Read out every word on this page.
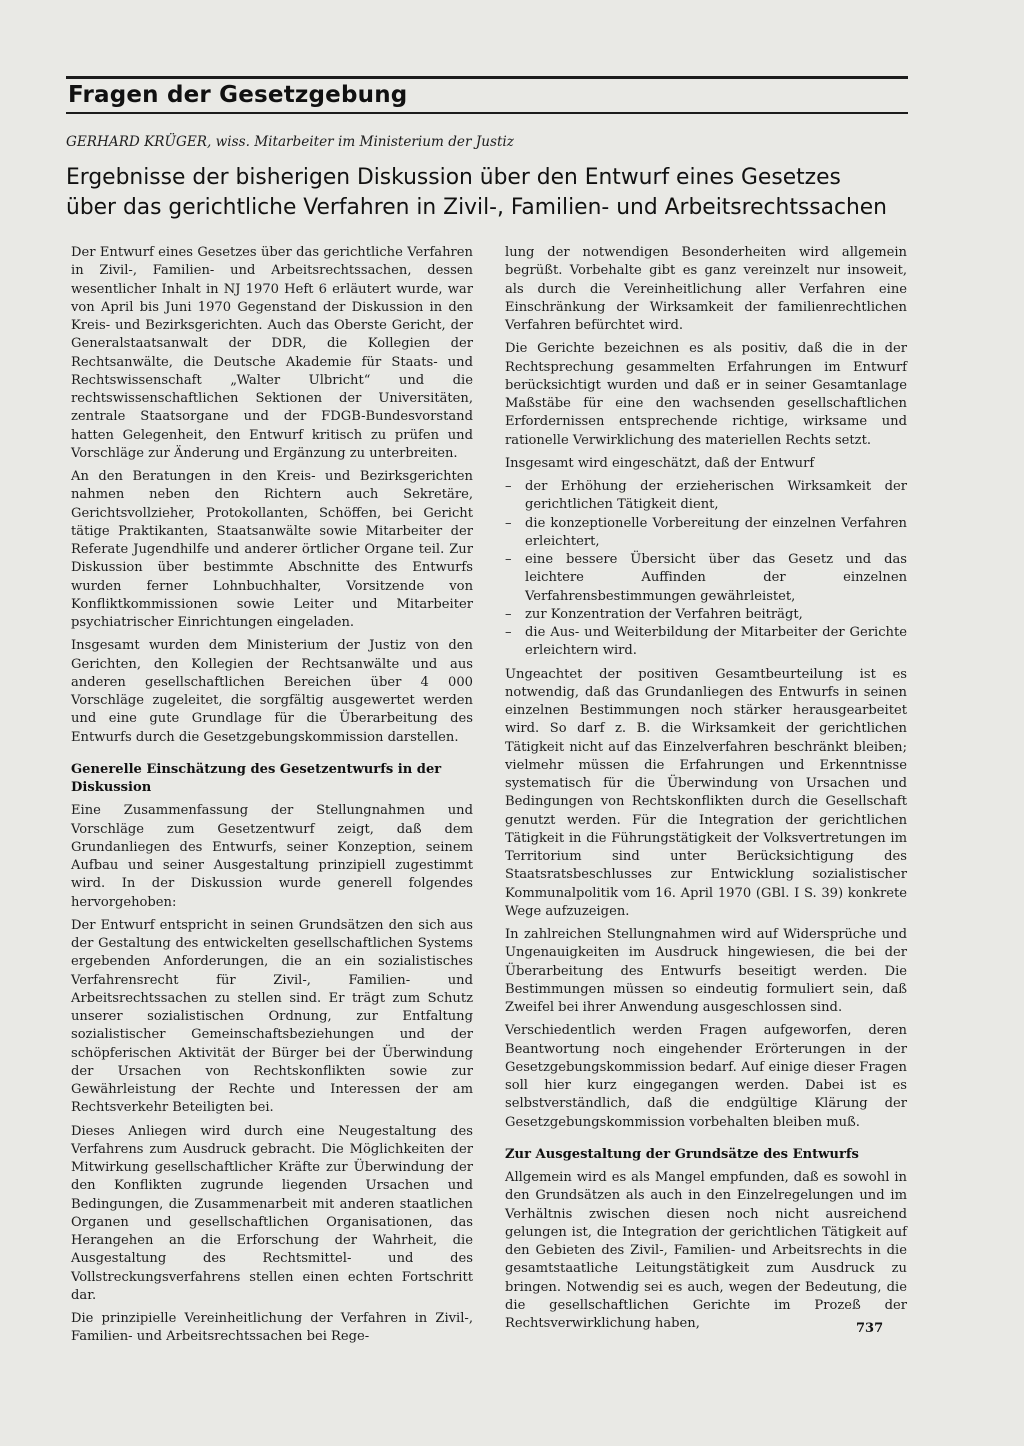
Fragen der Gesetzgebung
GERHARD KRÜGER, wiss. Mitarbeiter im Ministerium der Justiz
Ergebnisse der bisherigen Diskussion über den Entwurf eines Gesetzes
über das gerichtliche Verfahren in Zivil-, Familien- und Arbeitsrechtssachen

Der Entwurf eines Gesetzes über das gerichtliche Verfahren in Zivil-, Familien- und Arbeitsrechtssachen, dessen wesentlicher Inhalt in NJ 1970 Heft 6 erläutert wurde, war von April bis Juni 1970 Gegenstand der Diskussion in den Kreis- und Bezirksgerichten. Auch das Oberste Gericht, der Generalstaatsanwalt der DDR, die Kollegien der Rechtsanwälte, die Deutsche Akademie für Staats- und Rechtswissenschaft „Walter Ulbricht“ und die rechtswissenschaftlichen Sektionen der Universitäten, zentrale Staatsorgane und der FDGB-Bundesvorstand hatten Gelegenheit, den Entwurf kritisch zu prüfen und Vorschläge zur Änderung und Ergänzung zu unterbreiten.

An den Beratungen in den Kreis- und Bezirksgerichten nahmen neben den Richtern auch Sekretäre, Gerichtsvollzieher, Protokollanten, Schöffen, bei Gericht tätige Praktikanten, Staatsanwälte sowie Mitarbeiter der Referate Jugendhilfe und anderer örtlicher Organe teil. Zur Diskussion über bestimmte Abschnitte des Entwurfs wurden ferner Lohnbuchhalter, Vorsitzende von Konfliktkommissionen sowie Leiter und Mitarbeiter psychiatrischer Einrichtungen eingeladen.

Insgesamt wurden dem Ministerium der Justiz von den Gerichten, den Kollegien der Rechtsanwälte und aus anderen gesellschaftlichen Bereichen über 4 000 Vorschläge zugeleitet, die sorgfältig ausgewertet werden und eine gute Grundlage für die Überarbeitung des Entwurfs durch die Gesetzgebungskommission darstellen.

Generelle Einschätzung des Gesetzentwurfs in der Diskussion

Eine Zusammenfassung der Stellungnahmen und Vorschläge zum Gesetzentwurf zeigt, daß dem Grundanliegen des Entwurfs, seiner Konzeption, seinem Aufbau und seiner Ausgestaltung prinzipiell zugestimmt wird. In der Diskussion wurde generell folgendes hervorgehoben:

Der Entwurf entspricht in seinen Grundsätzen den sich aus der Gestaltung des entwickelten gesellschaftlichen Systems ergebenden Anforderungen, die an ein sozialistisches Verfahrensrecht für Zivil-, Familien- und Arbeitsrechtssachen zu stellen sind. Er trägt zum Schutz unserer sozialistischen Ordnung, zur Entfaltung sozialistischer Gemeinschaftsbeziehungen und der schöpferischen Aktivität der Bürger bei der Überwindung der Ursachen von Rechtskonflikten sowie zur Gewährleistung der Rechte und Interessen der am Rechtsverkehr Beteiligten bei.

Dieses Anliegen wird durch eine Neugestaltung des Verfahrens zum Ausdruck gebracht. Die Möglichkeiten der Mitwirkung gesellschaftlicher Kräfte zur Überwindung der den Konflikten zugrunde liegenden Ursachen und Bedingungen, die Zusammenarbeit mit anderen staatlichen Organen und gesellschaftlichen Organisationen, das Herangehen an die Erforschung der Wahrheit, die Ausgestaltung des Rechtsmittel- und des Vollstreckungsverfahrens stellen einen echten Fortschritt dar.

Die prinzipielle Vereinheitlichung der Verfahren in Zivil-, Familien- und Arbeitsrechtssachen bei Rege-

lung der notwendigen Besonderheiten wird allgemein begrüßt. Vorbehalte gibt es ganz vereinzelt nur insoweit, als durch die Vereinheitlichung aller Verfahren eine Einschränkung der Wirksamkeit der familienrechtlichen Verfahren befürchtet wird.

Die Gerichte bezeichnen es als positiv, daß die in der Rechtsprechung gesammelten Erfahrungen im Entwurf berücksichtigt wurden und daß er in seiner Gesamtanlage Maßstäbe für eine den wachsenden gesellschaftlichen Erfordernissen entsprechende richtige, wirksame und rationelle Verwirklichung des materiellen Rechts setzt.

Insgesamt wird eingeschätzt, daß der Entwurf

– der Erhöhung der erzieherischen Wirksamkeit der gerichtlichen Tätigkeit dient,
– die konzeptionelle Vorbereitung der einzelnen Verfahren erleichtert,
– eine bessere Übersicht über das Gesetz und das leichtere Auffinden der einzelnen Verfahrensbestimmungen gewährleistet,
– zur Konzentration der Verfahren beiträgt,
– die Aus- und Weiterbildung der Mitarbeiter der Gerichte erleichtern wird.

Ungeachtet der positiven Gesamtbeurteilung ist es notwendig, daß das Grundanliegen des Entwurfs in seinen einzelnen Bestimmungen noch stärker herausgearbeitet wird. So darf z. B. die Wirksamkeit der gerichtlichen Tätigkeit nicht auf das Einzelverfahren beschränkt bleiben; vielmehr müssen die Erfahrungen und Erkenntnisse systematisch für die Überwindung von Ursachen und Bedingungen von Rechtskonflikten durch die Gesellschaft genutzt werden. Für die Integration der gerichtlichen Tätigkeit in die Führungstätigkeit der Volksvertretungen im Territorium sind unter Berücksichtigung des Staatsratsbeschlusses zur Entwicklung sozialistischer Kommunalpolitik vom 16. April 1970 (GBl. I S. 39) konkrete Wege aufzuzeigen.

In zahlreichen Stellungnahmen wird auf Widersprüche und Ungenauigkeiten im Ausdruck hingewiesen, die bei der Überarbeitung des Entwurfs beseitigt werden. Die Bestimmungen müssen so eindeutig formuliert sein, daß Zweifel bei ihrer Anwendung ausgeschlossen sind.

Verschiedentlich werden Fragen aufgeworfen, deren Beantwortung noch eingehender Erörterungen in der Gesetzgebungskommission bedarf. Auf einige dieser Fragen soll hier kurz eingegangen werden. Dabei ist es selbstverständlich, daß die endgültige Klärung der Gesetzgebungskommission vorbehalten bleiben muß.

Zur Ausgestaltung der Grundsätze des Entwurfs

Allgemein wird es als Mangel empfunden, daß es sowohl in den Grundsätzen als auch in den Einzelregelungen und im Verhältnis zwischen diesen noch nicht ausreichend gelungen ist, die Integration der gerichtlichen Tätigkeit auf den Gebieten des Zivil-, Familien- und Arbeitsrechts in die gesamtstaatliche Leitungstätigkeit zum Ausdruck zu bringen. Notwendig sei es auch, wegen der Bedeutung, die die gesellschaftlichen Gerichte im Prozeß der Rechtsverwirklichung haben,	737
